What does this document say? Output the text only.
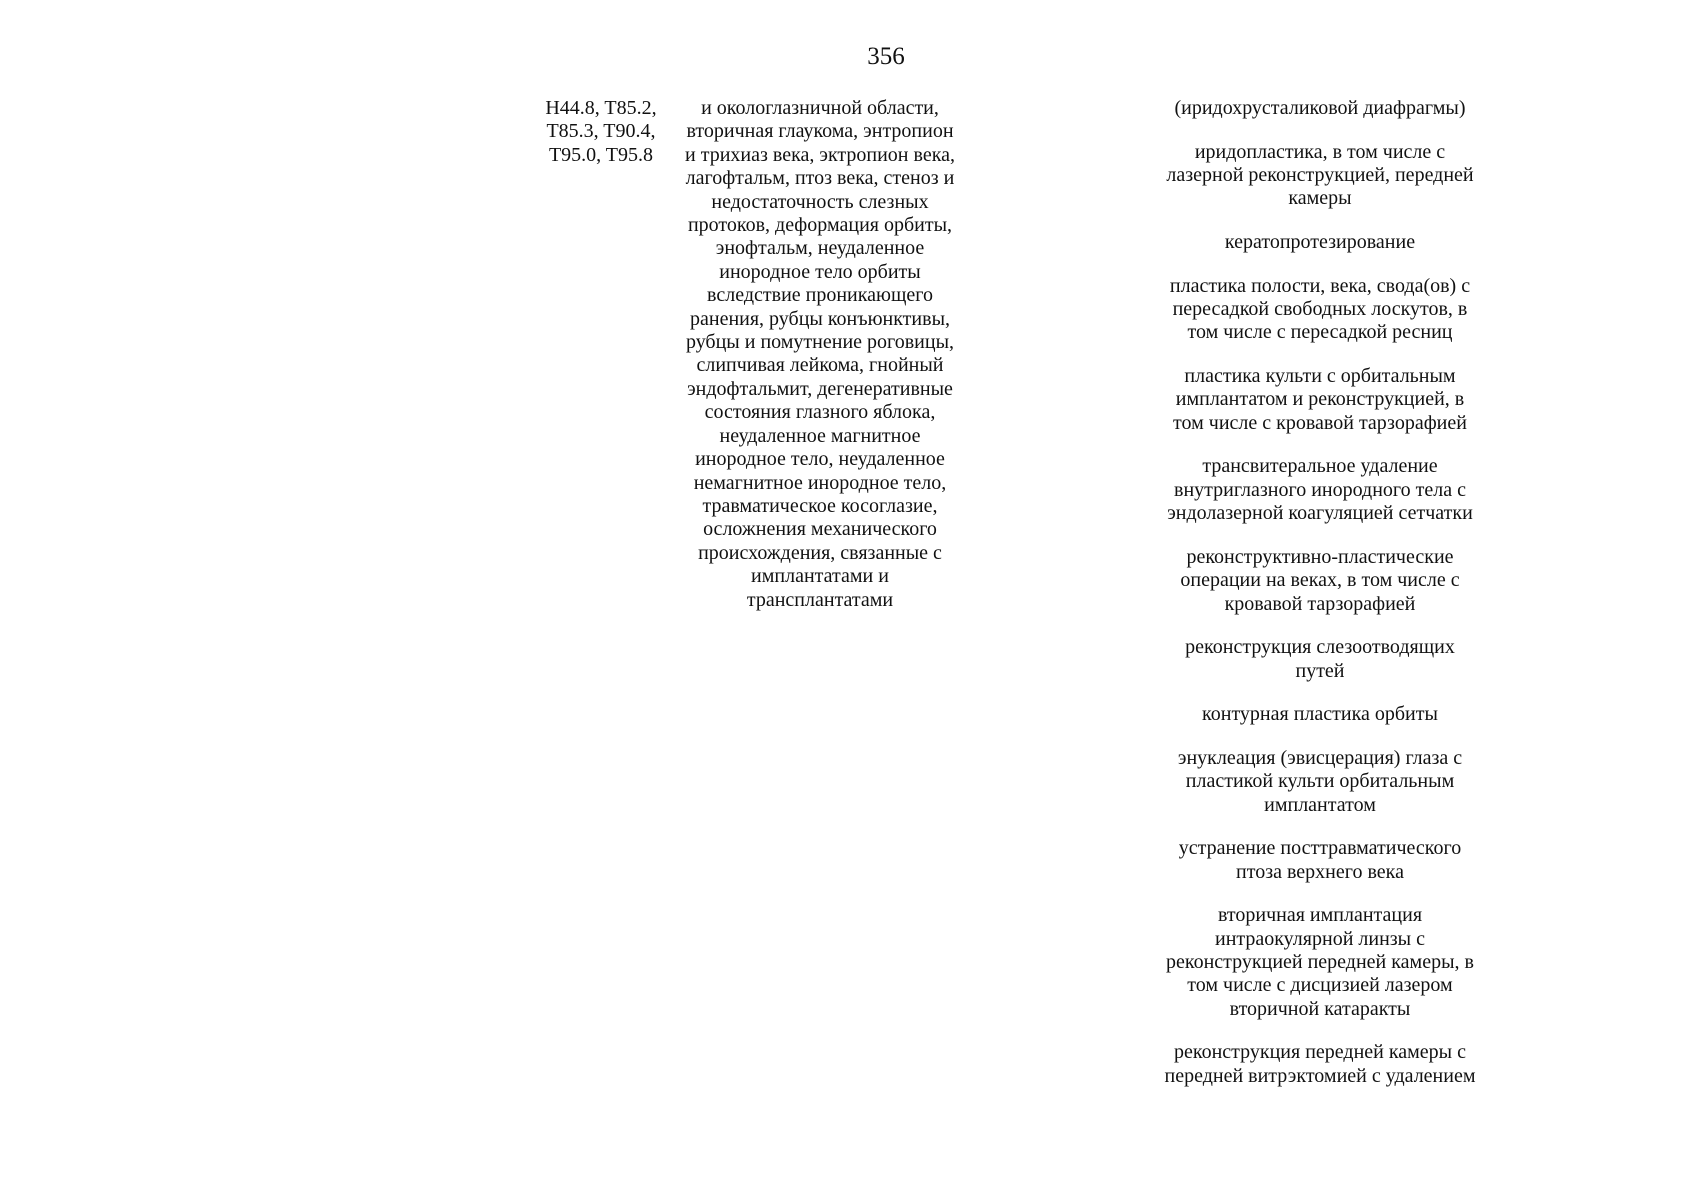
356

H44.8, T85.2,
T85.3, T90.4,
T95.0, T95.8

и окологлазничной области,
вторичная глаукома, энтропион
и трихиаз века, эктропион века,
лагофтальм, птоз века, стеноз и
недостаточность слезных
протоков, деформация орбиты,
энофтальм, неудаленное
инородное тело орбиты
вследствие проникающего
ранения, рубцы конъюнктивы,
рубцы и помутнение роговицы,
слипчивая лейкома, гнойный
эндофтальмит, дегенеративные
состояния глазного яблока,
неудаленное магнитное
инородное тело, неудаленное
немагнитное инородное тело,
травматическое косоглазие,
осложнения механического
происхождения, связанные с
имплантатами и
трансплантатами

(иридохрусталиковой диафрагмы)

иридопластика, в том числе с
лазерной реконструкцией, передней
камеры

кератопротезирование

пластика полости, века, свода(ов) с
пересадкой свободных лоскутов, в
том числе с пересадкой ресниц

пластика культи с орбитальным
имплантатом и реконструкцией, в
том числе с кровавой тарзорафией

трансвитеральное удаление
внутриглазного инородного тела с
эндолазерной коагуляцией сетчатки

реконструктивно-пластические
операции на веках, в том числе с
кровавой тарзорафией

реконструкция слезоотводящих
путей

контурная пластика орбиты

энуклеация (эвисцерация) глаза с
пластикой культи орбитальным
имплантатом

устранение посттравматического
птоза верхнего века

вторичная имплантация
интраокулярной линзы с
реконструкцией передней камеры, в
том числе с дисцизией лазером
вторичной катаракты

реконструкция передней камеры с
передней витрэктомией с удалением
